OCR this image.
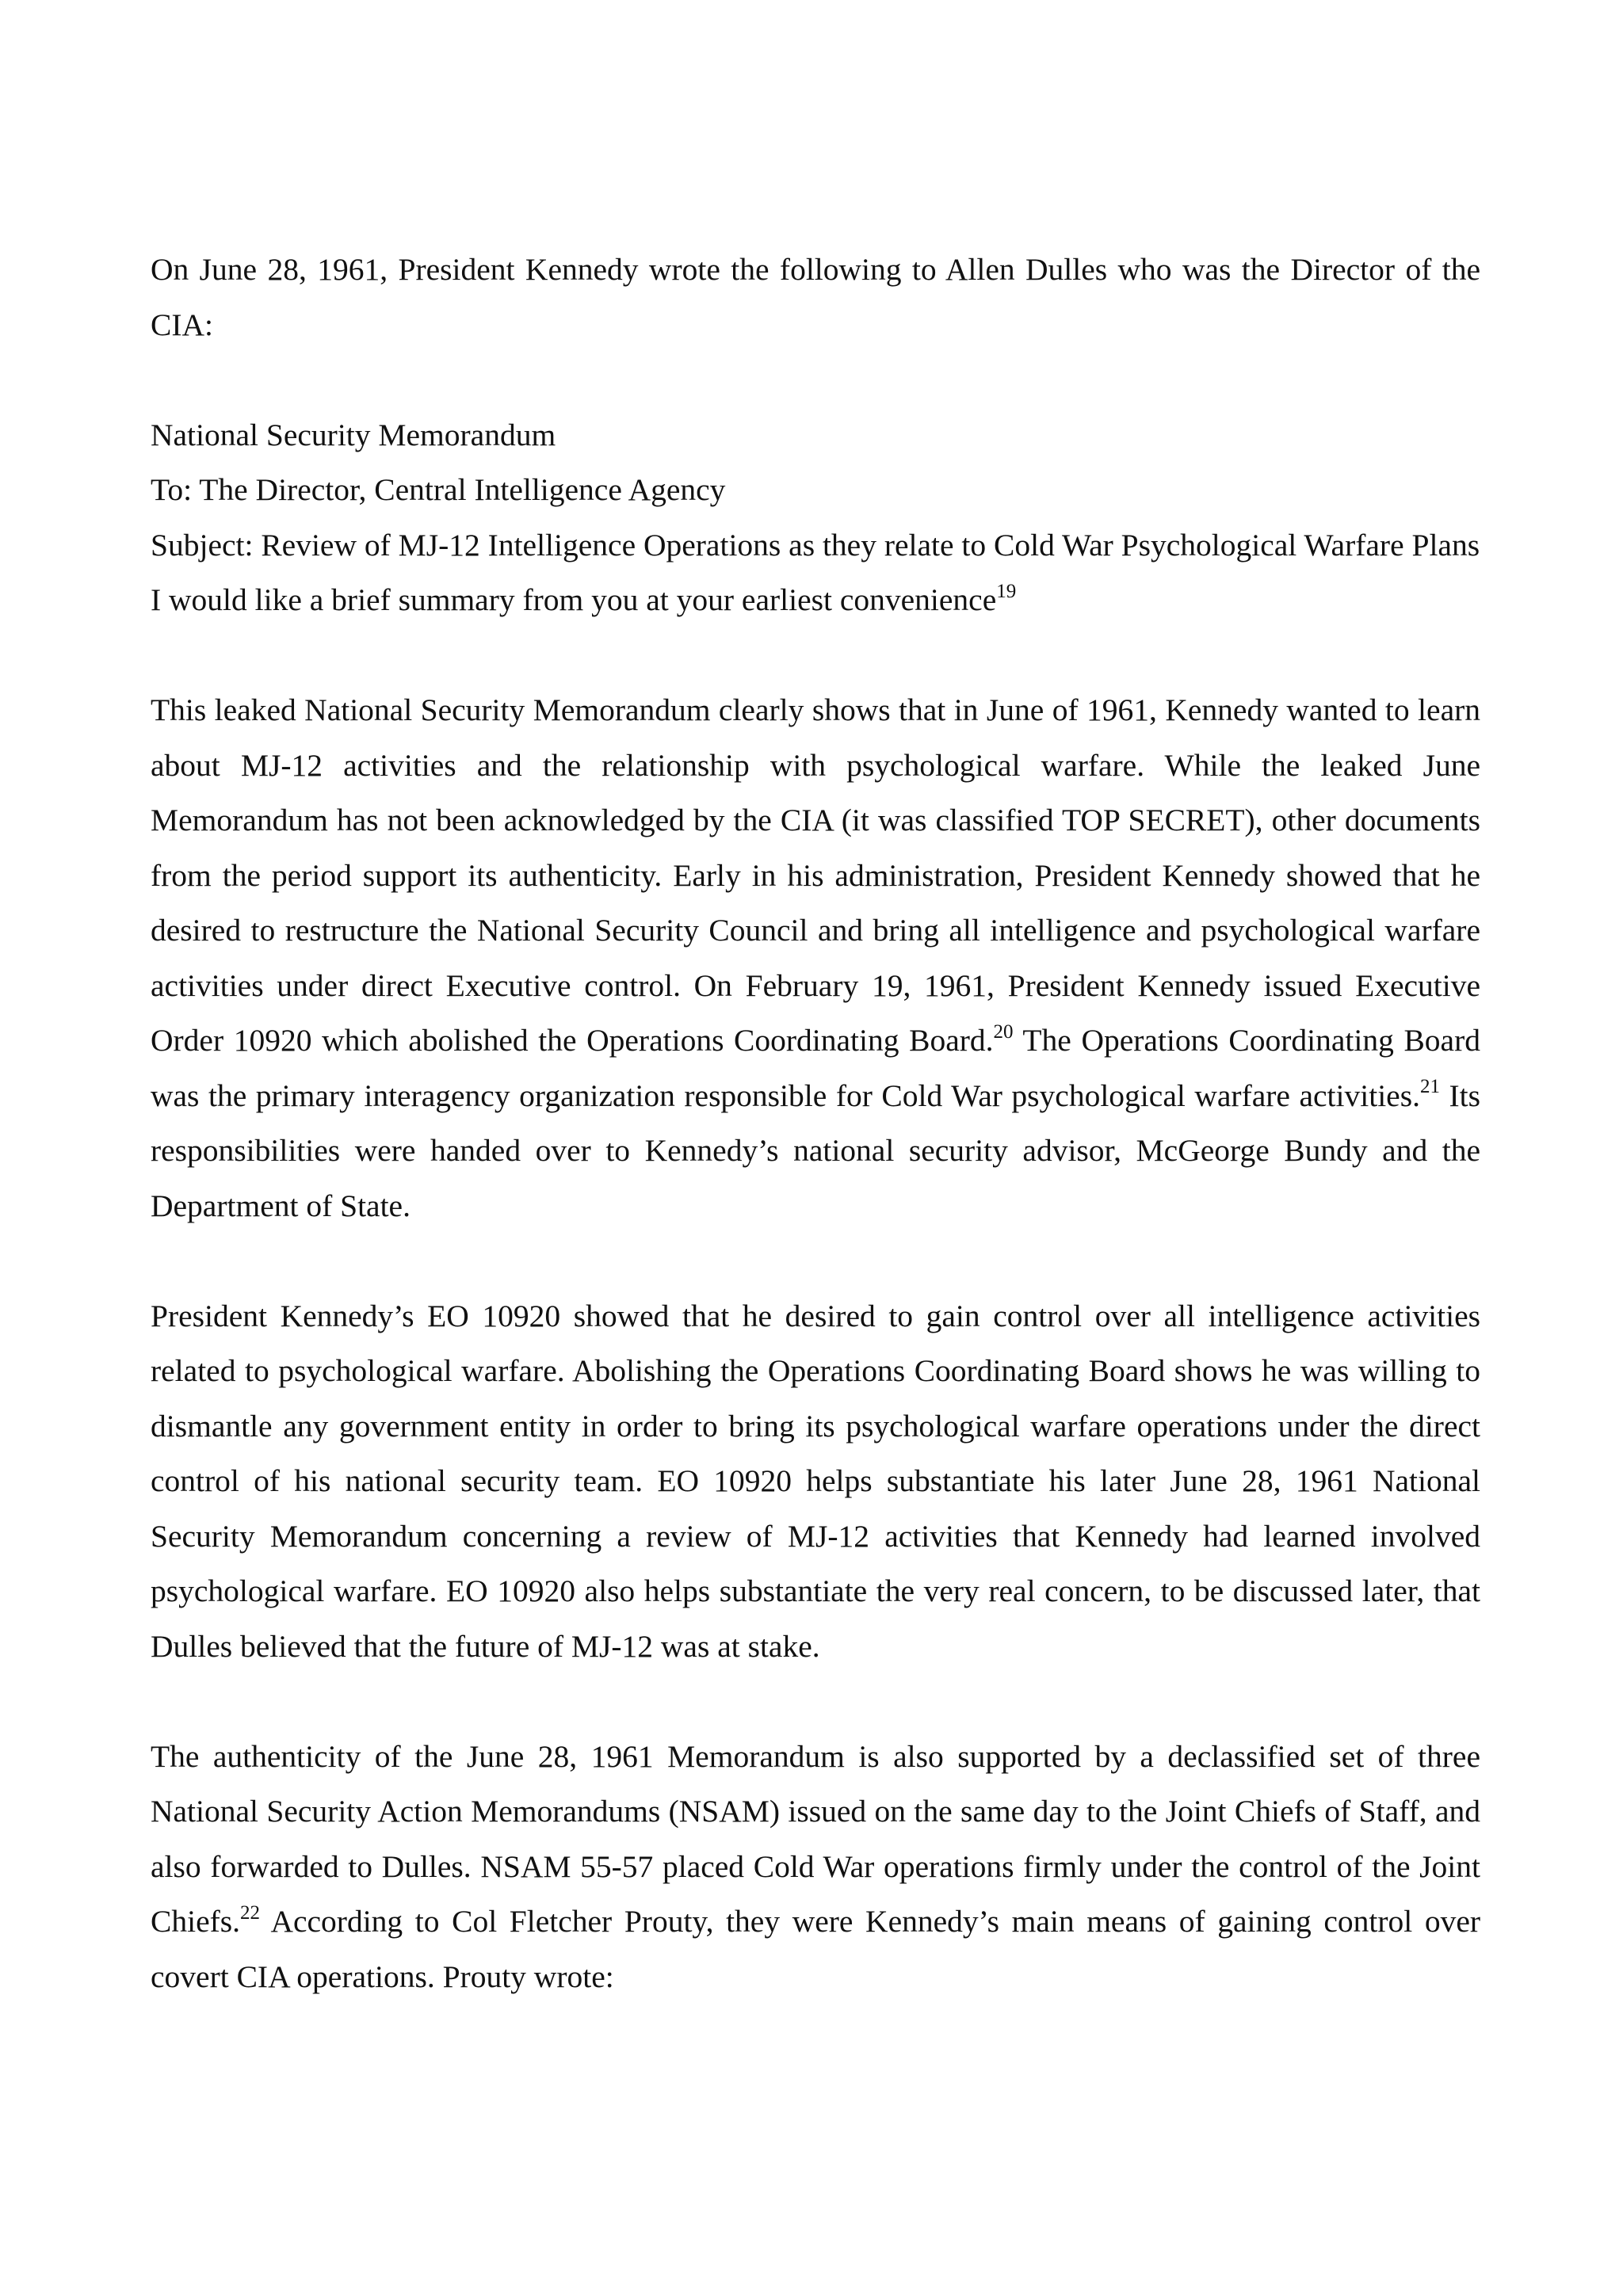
On June 28, 1961, President Kennedy wrote the following to Allen Dulles who was the Director of the CIA:

National Security Memorandum

To: The Director, Central Intelligence Agency

Subject: Review of MJ-12 Intelligence Operations as they relate to Cold War Psychological Warfare Plans

I would like a brief summary from you at your earliest convenience$^{19}$

This leaked National Security Memorandum clearly shows that in June of 1961, Kennedy wanted to learn about MJ-12 activities and the relationship with psychological warfare. While the leaked June Memorandum has not been acknowledged by the CIA (it was classified TOP SECRET), other documents from the period support its authenticity. Early in his administration, President Kennedy showed that he desired to restructure the National Security Council and bring all intelligence and psychological warfare activities under direct Executive control. On February 19, 1961, President Kennedy issued Executive Order 10920 which abolished the Operations Coordinating Board.$^{20}$ The Operations Coordinating Board was the primary interagency organization responsible for Cold War psychological warfare activities.$^{21}$ Its responsibilities were handed over to Kennedy’s national security advisor, McGeorge Bundy and the Department of State.

President Kennedy’s EO 10920 showed that he desired to gain control over all intelligence activities related to psychological warfare. Abolishing the Operations Coordinating Board shows he was willing to dismantle any government entity in order to bring its psychological warfare operations under the direct control of his national security team. EO 10920 helps substantiate his later June 28, 1961 National Security Memorandum concerning a review of MJ-12 activities that Kennedy had learned involved psychological warfare. EO 10920 also helps substantiate the very real concern, to be discussed later, that Dulles believed that the future of MJ-12 was at stake.

The authenticity of the June 28, 1961 Memorandum is also supported by a declassified set of three National Security Action Memorandums (NSAM) issued on the same day to the Joint Chiefs of Staff, and also forwarded to Dulles. NSAM 55-57 placed Cold War operations firmly under the control of the Joint Chiefs.$^{22}$ According to Col Fletcher Prouty, they were Kennedy’s main means of gaining control over covert CIA operations. Prouty wrote:
